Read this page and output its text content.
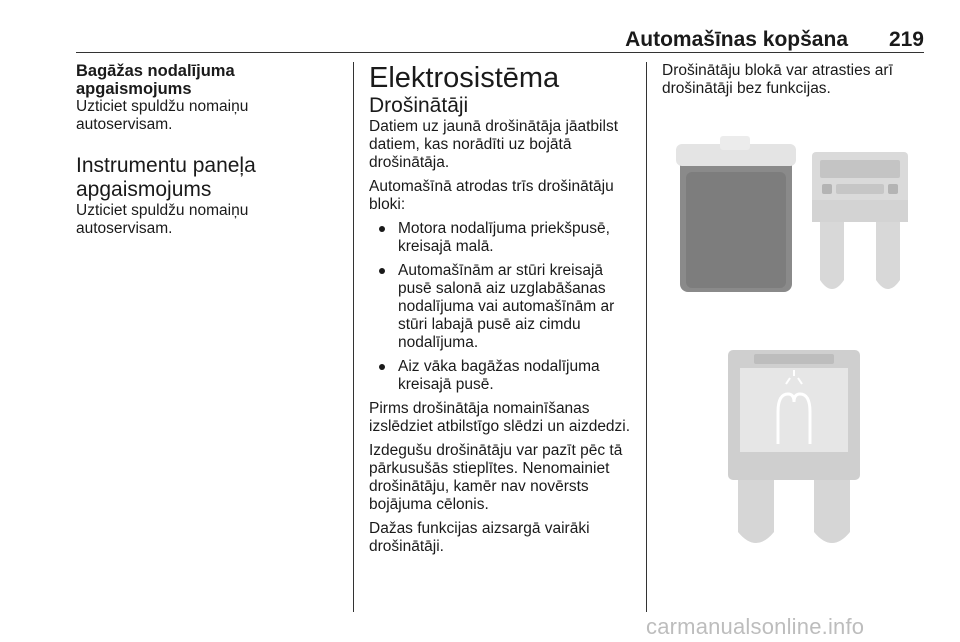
Automašīnas kopšana 219

Bagāžas nodalījuma apgaismojums

Uzticiet spuldžu nomaiņu autoservisam.

Instrumentu paneļa apgaismojums

Uzticiet spuldžu nomaiņu autoservisam.

Elektrosistēma

Drošinātāji

Datiem uz jaunā drošinātāja jāatbilst datiem, kas norādīti uz bojātā drošinātāja.

Automašīnā atrodas trīs drošinātāju bloki:

Motora nodalījuma priekšpusē, kreisajā malā.
Automašīnām ar stūri kreisajā pusē salonā aiz uzglabāšanas nodalījuma vai automašīnām ar stūri labajā pusē aiz cimdu nodalījuma.
Aiz vāka bagāžas nodalījuma kreisajā pusē.

Pirms drošinātāja nomainīšanas izslēdziet atbilstīgo slēdzi un aizdedzi.

Izdegušu drošinātāju var pazīt pēc tā pārkusušās stieplītes. Nenomainiet drošinātāju, kamēr nav novērsts bojājuma cēlonis.

Dažas funkcijas aizsargā vairāki drošinātāji.

Drošinātāju blokā var atrasties arī drošinātāji bez funkcijas.

carmanualsonline.info
